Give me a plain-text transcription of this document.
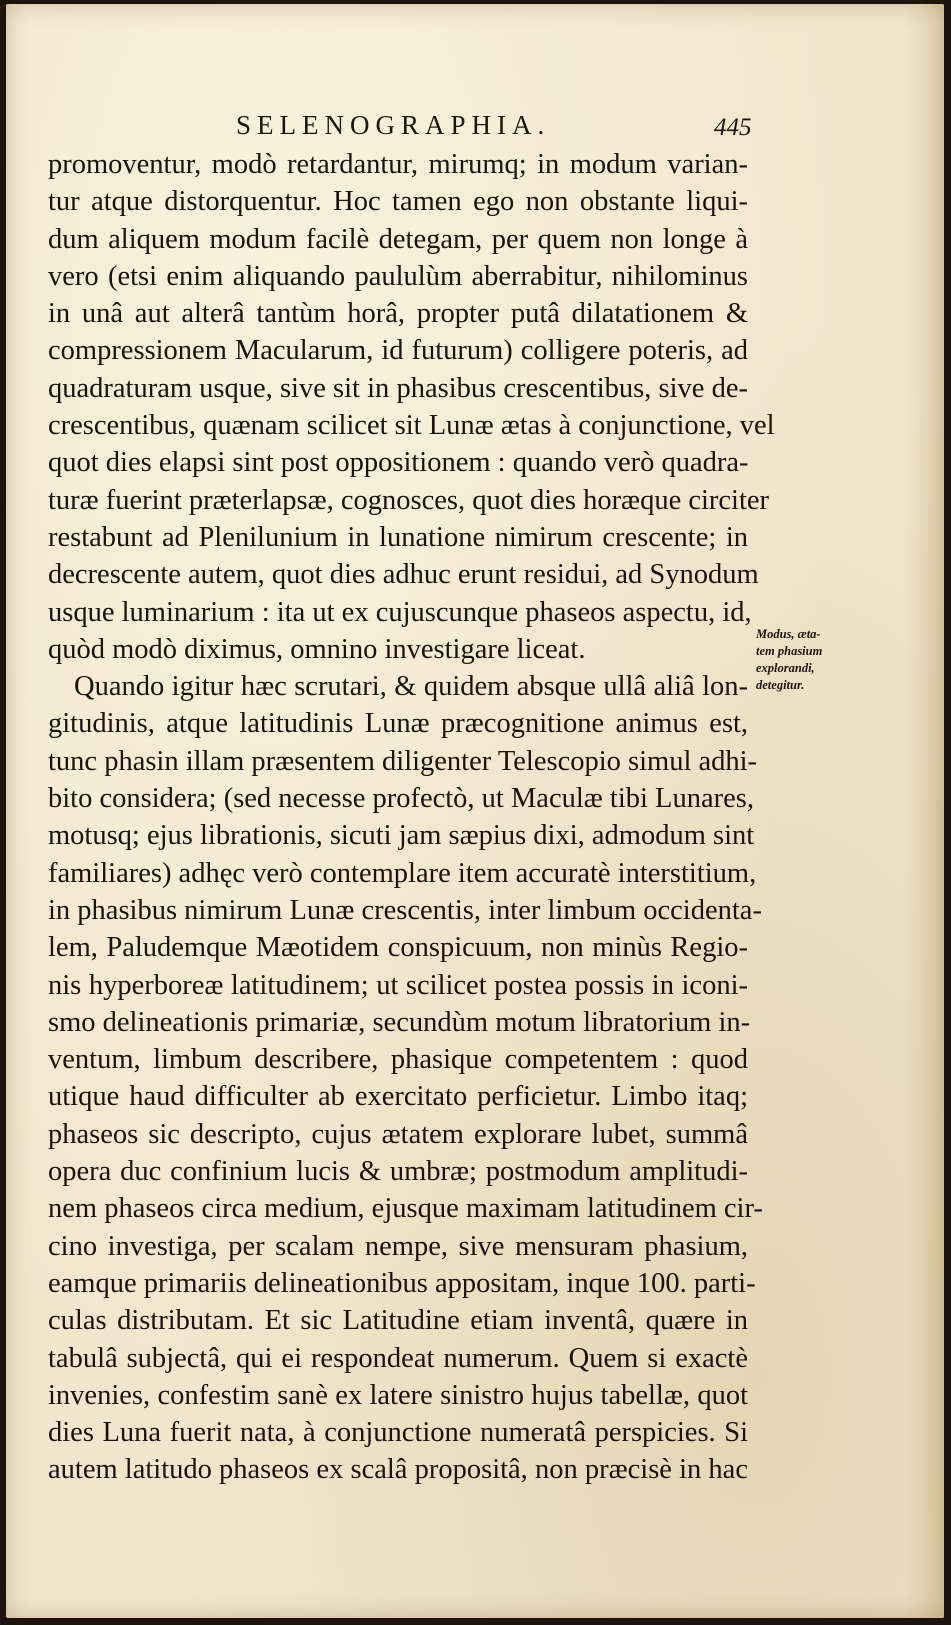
SELENOGRAPHIA.	445
promoventur, modò retardantur, mirumq; in modum varian-
tur atque distorquentur. Hoc tamen ego non obstante liqui-
dum aliquem modum facilè detegam, per quem non longe à
vero (etsi enim aliquando paululùm aberrabitur, nihilominus
in unâ aut alterâ tantùm horâ, propter putâ dilatationem &
compressionem Macularum, id futurum) colligere poteris, ad
quadraturam usque, sive sit in phasibus crescentibus, sive de-
crescentibus, quænam scilicet sit Lunæ ætas à conjunctione, vel
quot dies elapsi sint post oppositionem : quando verò quadra-
turæ fuerint præterlapsæ, cognosces, quot dies horæque circiter
restabunt ad Plenilunium in lunatione nimirum crescente; in
decrescente autem, quot dies adhuc erunt residui, ad Synodum
usque luminarium : ita ut ex cujuscunque phaseos aspectu, id,
quòd modò diximus, omnino investigare liceat.
Quando igitur hæc scrutari, & quidem absque ullâ aliâ lon-
gitudinis, atque latitudinis Lunæ præcognitione animus est,
tunc phasin illam præsentem diligenter Telescopio simul adhi-
bito considera; (sed necesse profectò, ut Maculæ tibi Lunares,
motusq; ejus librationis, sicuti jam sæpius dixi, admodum sint
familiares) adhęc verò contemplare item accuratè interstitium,
in phasibus nimirum Lunæ crescentis, inter limbum occidenta-
lem, Paludemque Mæotidem conspicuum, non minùs Regio-
nis hyperboreæ latitudinem; ut scilicet postea possis in iconi-
smo delineationis primariæ, secundùm motum libratorium in-
ventum, limbum describere, phasique competentem : quod
utique haud difficulter ab exercitato perficietur. Limbo itaq;
phaseos sic descripto, cujus ætatem explorare lubet, summâ
opera duc confinium lucis & umbræ; postmodum amplitudi-
nem phaseos circa medium, ejusque maximam latitudinem cir-
cino investiga, per scalam nempe, sive mensuram phasium,
eamque primariis delineationibus appositam, inque 100. parti-
culas distributam. Et sic Latitudine etiam inventâ, quære in
tabulâ subjectâ, qui ei respondeat numerum. Quem si exactè
invenies, confestim sanè ex latere sinistro hujus tabellæ, quot
dies Luna fuerit nata, à conjunctione numeratâ perspicies. Si
autem latitudo phaseos ex scalâ propositâ, non præcisè in hac
Modus, æta-
tem phasium
explorandi,
detegitur.
